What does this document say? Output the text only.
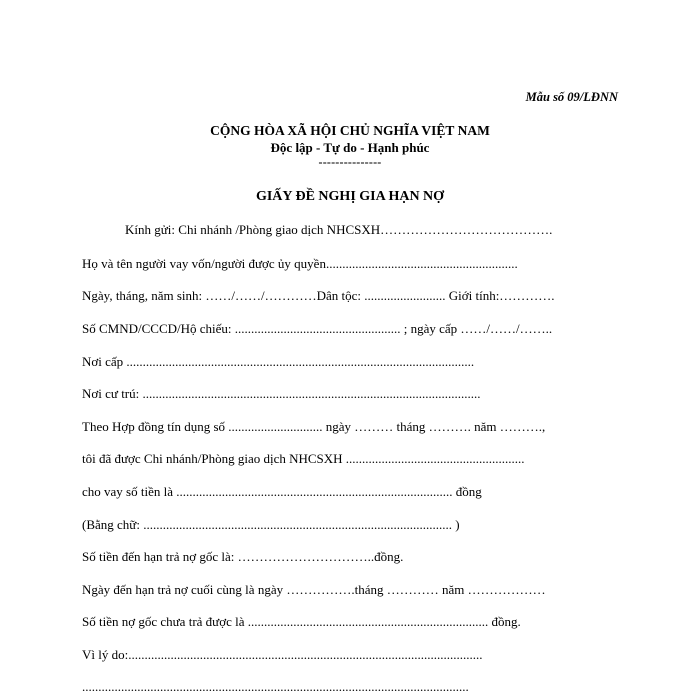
Mẫu số 09/LĐNN
CỘNG HÒA XÃ HỘI CHỦ NGHĨA VIỆT NAM
Độc lập - Tự do - Hạnh phúc
---------------
GIẤY ĐỀ NGHỊ GIA HẠN NỢ
Kính gửi: Chi nhánh /Phòng giao dịch NHCSXH………………………………….
Họ và tên người vay vốn/người được ủy quyền...........................................................
Ngày, tháng, năm sinh: ……/……/…………Dân tộc: ......................... Giới tính:………….
Số CMND/CCCD/Hộ chiếu: ................................................... ; ngày cấp ……/……/……..
Nơi cấp ...........................................................................................................
Nơi cư trú: ........................................................................................................
Theo Hợp đồng tín dụng số ............................. ngày ……… tháng ………. năm ……….,
tôi đã được Chi nhánh/Phòng giao dịch NHCSXH .......................................................
cho vay số tiền là ..................................................................................... đồng
(Bằng chữ: ............................................................................................... )
Số tiền đến hạn trả nợ gốc là: …………………………..đồng.
Ngày đến hạn trả nợ cuối cùng là ngày …………….tháng ………… năm ………………
Số tiền nợ gốc chưa trả được là .......................................................................... đồng.
Vì lý do:.............................................................................................................
.......................................................................................................................
